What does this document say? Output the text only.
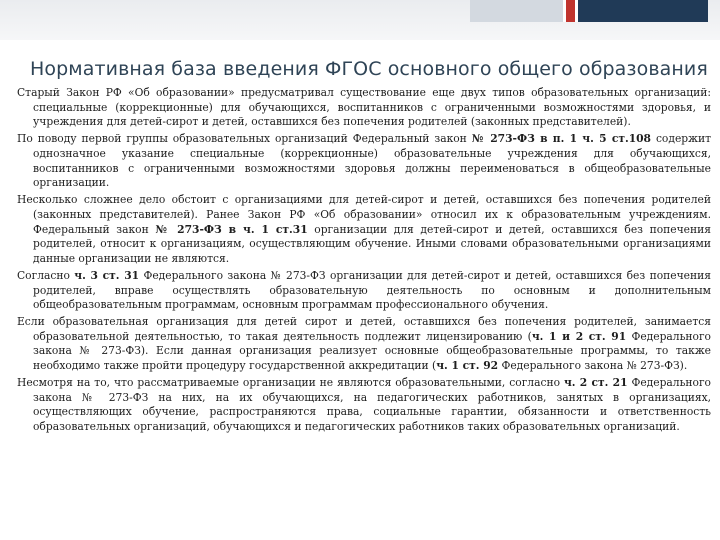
Нормативная база введения ФГОС основного общего образования

Старый Закон РФ «Об образовании» предусматривал существование еще двух типов образовательных организаций: специальные (коррекционные) для обучающихся, воспитанников с ограниченными возможностями здоровья, и учреждения для детей-сирот и детей, оставшихся без попечения родителей (законных представителей).

По поводу первой группы образовательных организаций Федеральный закон № 273-ФЗ в п. 1 ч. 5 ст.108 содержит однозначное указание специальные (коррекционные) образовательные учреждения для обучающихся, воспитанников с ограниченными возможностями здоровья должны переименоваться в общеобразовательные организации.

Несколько сложнее дело обстоит с организациями для детей-сирот и детей, оставшихся без попечения родителей (законных представителей). Ранее Закон РФ «Об образовании» относил их к образовательным учреждениям. Федеральный закон № 273-ФЗ в ч. 1 ст.31 организации для детей-сирот и детей, оставшихся без попечения родителей, относит к организациям, осуществляющим обучение. Иными словами образовательными организациями данные организации не являются.

Согласно ч. 3 ст. 31 Федерального закона № 273-ФЗ организации для детей-сирот и детей, оставшихся без попечения родителей, вправе осуществлять образовательную деятельность по основным и дополнительным общеобразовательным программам, основным программам профессионального обучения.

Если образовательная организация для детей сирот и детей, оставшихся без попечения родителей, занимается образовательной деятельностью, то такая деятельность подлежит лицензированию (ч. 1 и 2 ст. 91 Федерального закона № 273-ФЗ). Если данная организация реализует основные общеобразовательные программы, то также необходимо также пройти процедуру государственной аккредитации (ч. 1 ст. 92 Федерального закона № 273-ФЗ).

Несмотря на то, что рассматриваемые организации не являются образовательными, согласно ч. 2 ст. 21 Федерального закона № 273-ФЗ на них, на их обучающихся, на педагогических работников, занятых в организациях, осуществляющих обучение, распространяются права, социальные гарантии, обязанности и ответственность образовательных организаций, обучающихся и педагогических работников таких образовательных организаций.
